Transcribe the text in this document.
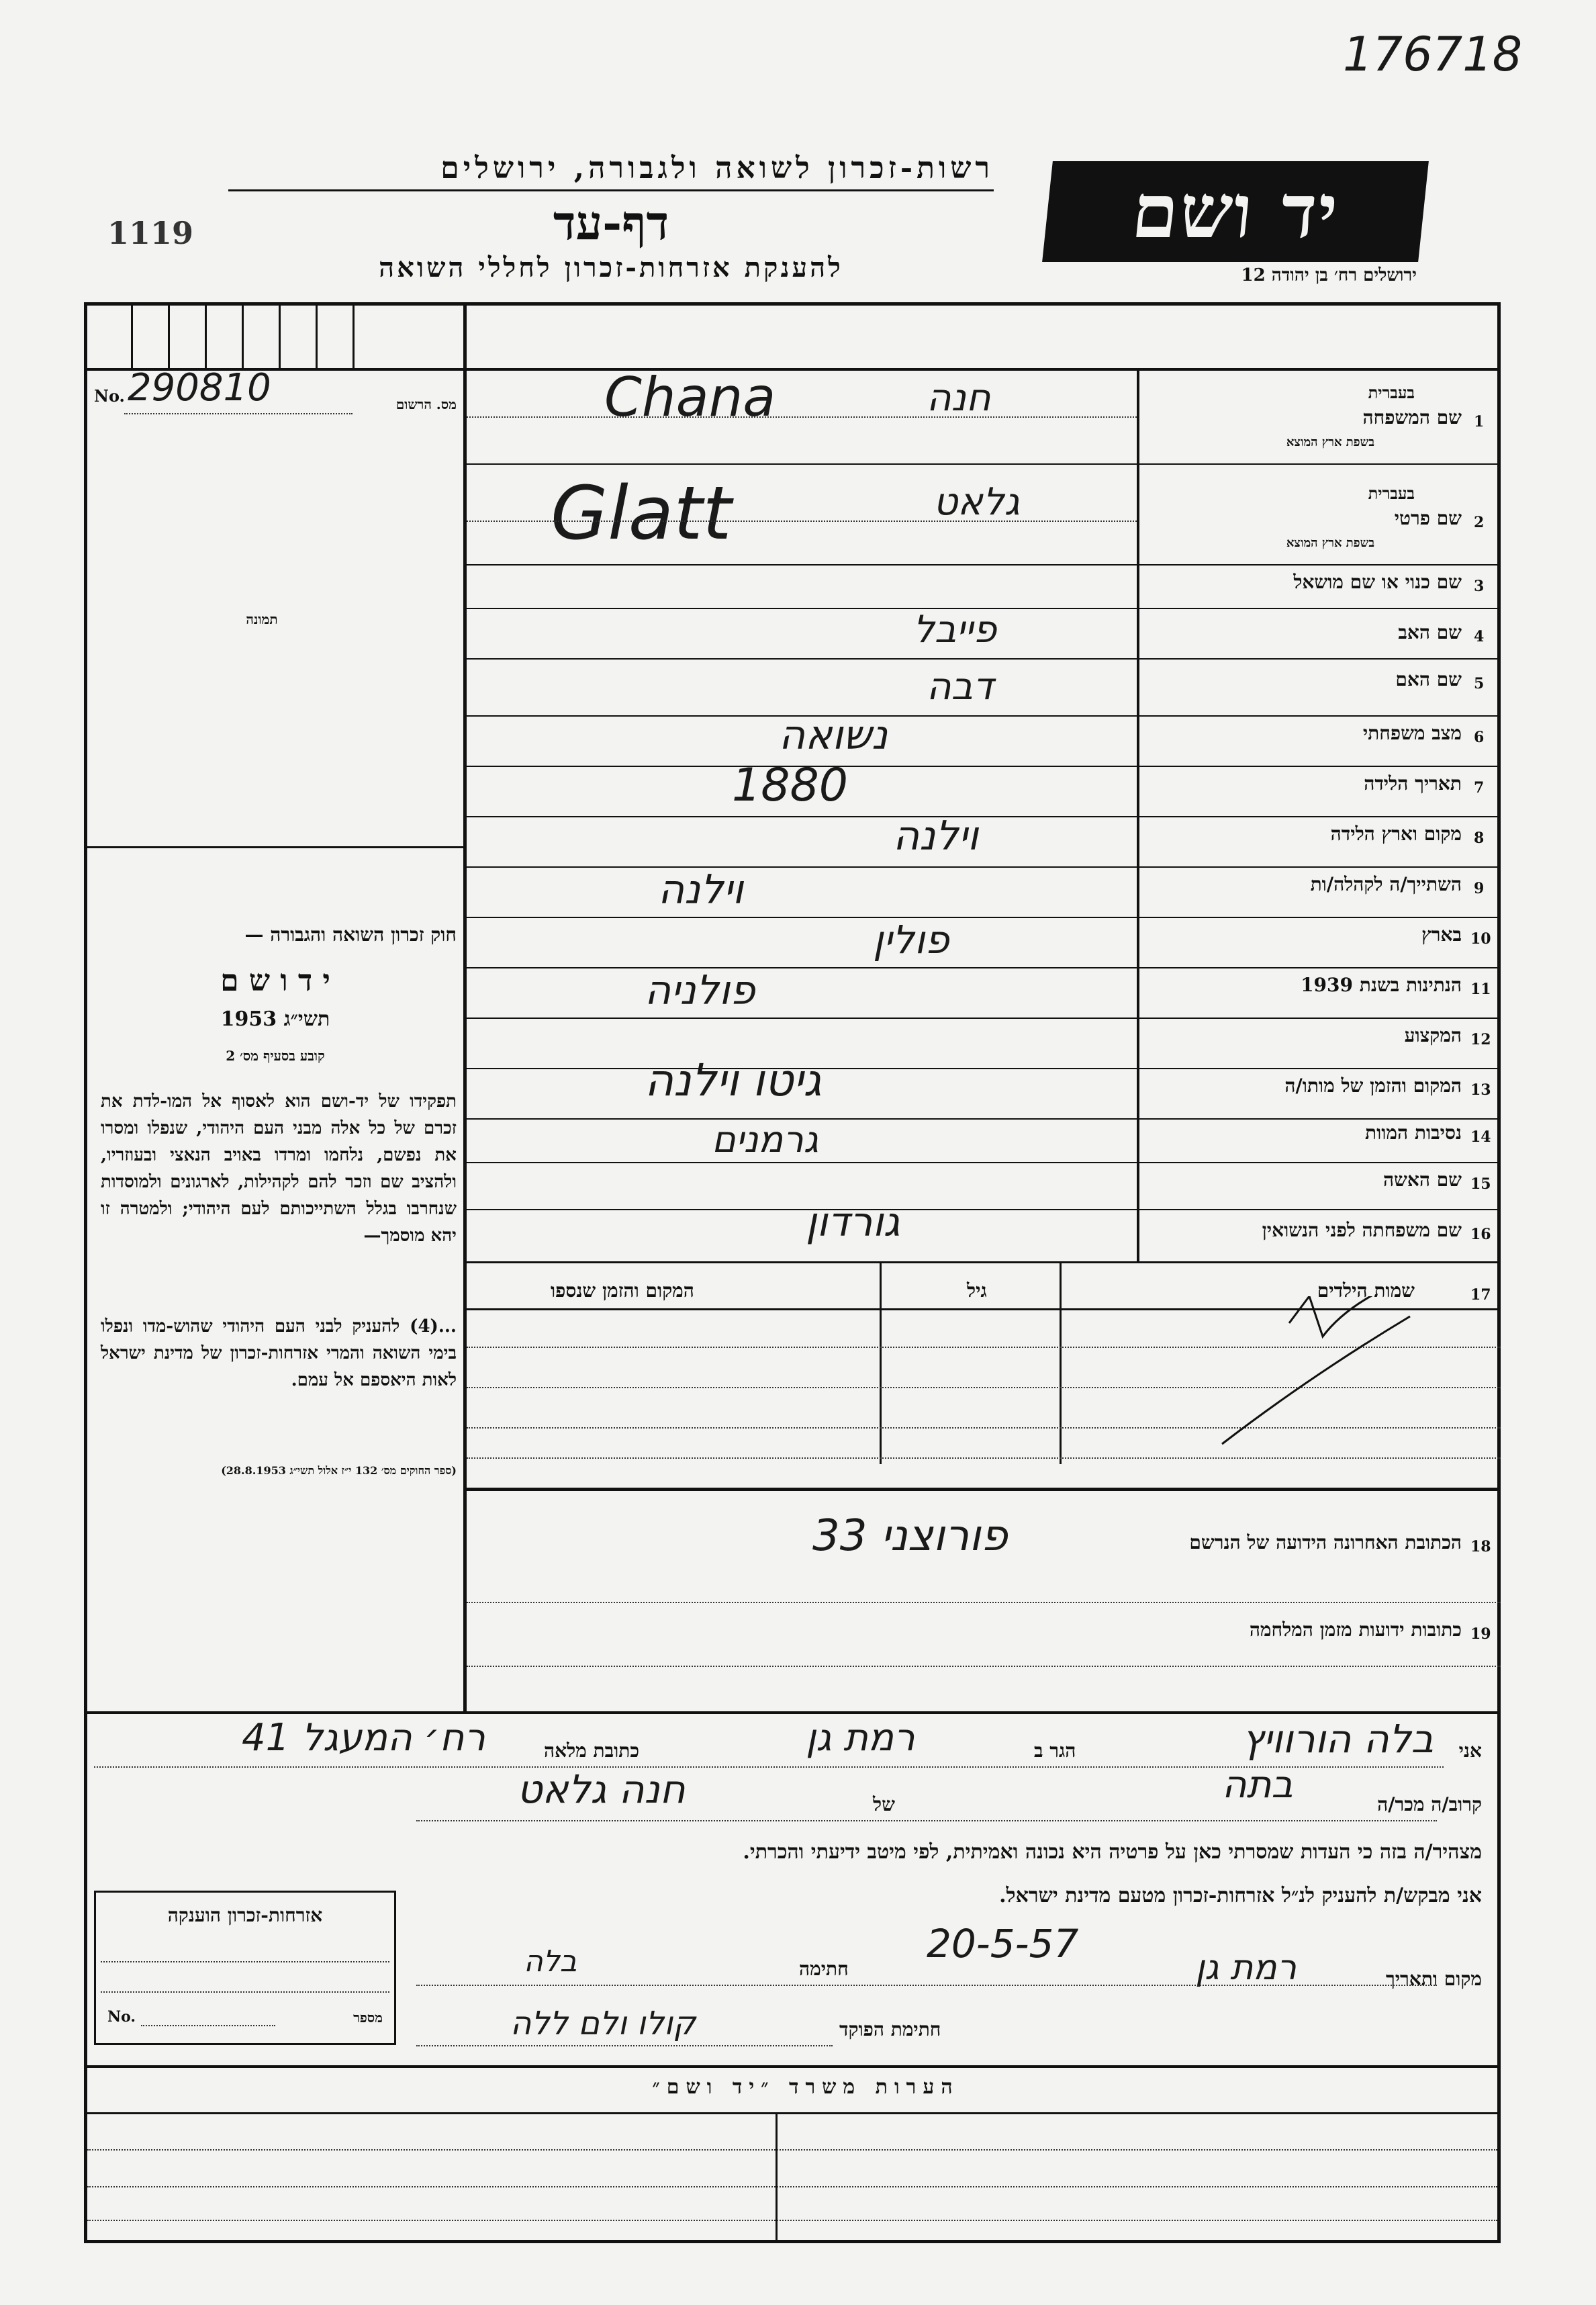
176718
1119
רשות-זכרון לשואה ולגבורה, ירושלים
דף-עד
להענקת אזרחות-זכרון לחללי השואה
יד ושם
ירושלים רח׳ בן יהודה 12
No. 290810	מס. הרשום
תמונה
חוק זכרון השואה והגבורה —
י ד ו ש ם
תשי״ג 1953
קובע בסעיף מס׳ 2
תפקידו של יד-ושם הוא לאסוף אל המו-לדת את זכרם של כל אלה מבני העם היהודי, שנפלו ומסרו את נפשם, נלחמו ומרדו באויב הנאצי ובעוזריו, ולהציב שם וזכר להם לקהילות, לארגונים ולמוסדות שנחרבו בגלל השתייכותם לעם היהודי; ולמטרה זו יהא מוסמך—
...(4) להעניק לבני העם היהודי שהוש-מדו ונפלו בימי השואה והמרי אזרחות-זכרון של מדינת ישראל לאות היאספם אל עמם.
(ספר החוקים מס׳ 132 י״ז אלול תשי״ג 28.8.1953)
1
שם המשפחה
בעברית
בשפת ארץ המוצא
חנה
Chana
2
שם פרטי
בעברית
בשפת ארץ המוצא
גלאט
Glatt
3
שם כנוי או שם מושאל
4
שם האב
פייבל
5
שם האם
דבה
6
מצב משפחתי
נשואה
7
תאריך הלידה
1880
8
מקום וארץ הלידה
וילנה
9
השתייך/ה לקהלה/ות
וילנה
10
בארץ
פולין
11
הנתינות בשנת 1939
פולניה
12
המקצוע
13
המקום והזמן של מותו/ה
גיטו וילנה
14
נסיבות המוות
גרמנים
15
שם האשה
16
שם משפחתה לפני הנשואין
גורדון
17
שמות הילדים
גיל
המקום והזמן שנספו
18
הכתובת האחרונה הידועה של הנרשם
פורוצני 33
19
כתובות ידועות מזמן המלחמה
אני
בלה הורוויץ
הגר ב
רמת גן
כתובת מלאה
רח׳ המעגל 41
קרוב/ה מכר/ה
בתה
של
חנה גלאט
מצהיר/ה בזה כי העדות שמסרתי כאן על פרטיה היא נכונה ואמיתית, לפי מיטב ידיעתי והכרתי.
אני מבקש/ת להעניק לנ״ל אזרחות-זכרון מטעם מדינת ישראל.
מקום ותאריך
רמת גן
20-5-57
חתימה
בלה
חתימת הפוקד
קולו ולם ללה
אזרחות-זכרון הוענקה
No.	מספר
הערות משרד ״יד ושם״
